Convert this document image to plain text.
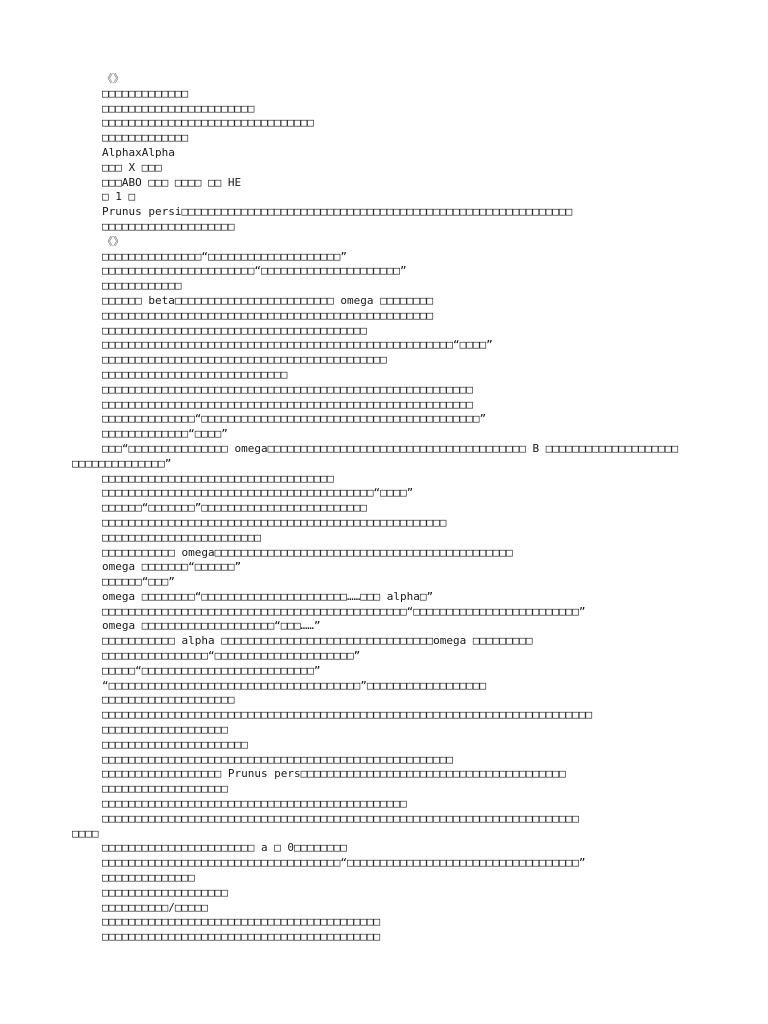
《》
□□□□□□□□□□□□□
□□□□□□□□□□□□□□□□□□□□□□□
□□□□□□□□□□□□□□□□□□□□□□□□□□□□□□□□
□□□□□□□□□□□□□
AlphaxAlpha
□□□ X □□□
□□□ABO □□□ □□□□ □□ HE
□ 1 □
Prunus persi□□□□□□□□□□□□□□□□□□□□□□□□□□□□□□□□□□□□□□□□□□□□□□□□□□□□□□□□□□□
□□□□□□□□□□□□□□□□□□□□
《》
□□□□□□□□□□□□□□□“□□□□□□□□□□□□□□□□□□□□”
□□□□□□□□□□□□□□□□□□□□□□□“□□□□□□□□□□□□□□□□□□□□□”
□□□□□□□□□□□□
□□□□□□ beta□□□□□□□□□□□□□□□□□□□□□□□□ omega □□□□□□□□
□□□□□□□□□□□□□□□□□□□□□□□□□□□□□□□□□□□□□□□□□□□□□□□□□□
□□□□□□□□□□□□□□□□□□□□□□□□□□□□□□□□□□□□□□□□
□□□□□□□□□□□□□□□□□□□□□□□□□□□□□□□□□□□□□□□□□□□□□□□□□□□□□“□□□□”
□□□□□□□□□□□□□□□□□□□□□□□□□□□□□□□□□□□□□□□□□□□
□□□□□□□□□□□□□□□□□□□□□□□□□□□□
□□□□□□□□□□□□□□□□□□□□□□□□□□□□□□□□□□□□□□□□□□□□□□□□□□□□□□□□
□□□□□□□□□□□□□□□□□□□□□□□□□□□□□□□□□□□□□□□□□□□□□□□□□□□□□□□□
□□□□□□□□□□□□□□“□□□□□□□□□□□□□□□□□□□□□□□□□□□□□□□□□□□□□□□□□□”
□□□□□□□□□□□□□“□□□□”
□□□“□□□□□□□□□□□□□□□ omega□□□□□□□□□□□□□□□□□□□□□□□□□□□□□□□□□□□□□□□ B □□□□□□□□□□□□□□□□□□□□
□□□□□□□□□□□□□□”
□□□□□□□□□□□□□□□□□□□□□□□□□□□□□□□□□□□
□□□□□□□□□□□□□□□□□□□□□□□□□□□□□□□□□□□□□□□□□“□□□□”
□□□□□□“□□□□□□□”□□□□□□□□□□□□□□□□□□□□□□□□□
□□□□□□□□□□□□□□□□□□□□□□□□□□□□□□□□□□□□□□□□□□□□□□□□□□□□
□□□□□□□□□□□□□□□□□□□□□□□□
□□□□□□□□□□□ omega□□□□□□□□□□□□□□□□□□□□□□□□□□□□□□□□□□□□□□□□□□□□□
omega □□□□□□□“□□□□□□”
□□□□□□“□□□”
omega □□□□□□□□“□□□□□□□□□□□□□□□□□□□□□□……□□□ alpha□”
□□□□□□□□□□□□□□□□□□□□□□□□□□□□□□□□□□□□□□□□□□□□□□“□□□□□□□□□□□□□□□□□□□□□□□□□”
omega □□□□□□□□□□□□□□□□□□□□“□□□……”
□□□□□□□□□□□ alpha □□□□□□□□□□□□□□□□□□□□□□□□□□□□□□□□omega □□□□□□□□□
□□□□□□□□□□□□□□□□“□□□□□□□□□□□□□□□□□□□□□”
□□□□□“□□□□□□□□□□□□□□□□□□□□□□□□□□”
“□□□□□□□□□□□□□□□□□□□□□□□□□□□□□□□□□□□□□□”□□□□□□□□□□□□□□□□□□
□□□□□□□□□□□□□□□□□□□□
□□□□□□□□□□□□□□□□□□□□□□□□□□□□□□□□□□□□□□□□□□□□□□□□□□□□□□□□□□□□□□□□□□□□□□□□□□
□□□□□□□□□□□□□□□□□□□
□□□□□□□□□□□□□□□□□□□□□□
□□□□□□□□□□□□□□□□□□□□□□□□□□□□□□□□□□□□□□□□□□□□□□□□□□□□□
□□□□□□□□□□□□□□□□□□ Prunus pers□□□□□□□□□□□□□□□□□□□□□□□□□□□□□□□□□□□□□□□□
□□□□□□□□□□□□□□□□□□□
□□□□□□□□□□□□□□□□□□□□□□□□□□□□□□□□□□□□□□□□□□□□□□
□□□□□□□□□□□□□□□□□□□□□□□□□□□□□□□□□□□□□□□□□□□□□□□□□□□□□□□□□□□□□□□□□□□□□□□□
□□□□
□□□□□□□□□□□□□□□□□□□□□□□ a □ 0□□□□□□□□
□□□□□□□□□□□□□□□□□□□□□□□□□□□□□□□□□□□□“□□□□□□□□□□□□□□□□□□□□□□□□□□□□□□□□□□□”
□□□□□□□□□□□□□□
□□□□□□□□□□□□□□□□□□□
□□□□□□□□□□/□□□□□
□□□□□□□□□□□□□□□□□□□□□□□□□□□□□□□□□□□□□□□□□□
□□□□□□□□□□□□□□□□□□□□□□□□□□□□□□□□□□□□□□□□□□
